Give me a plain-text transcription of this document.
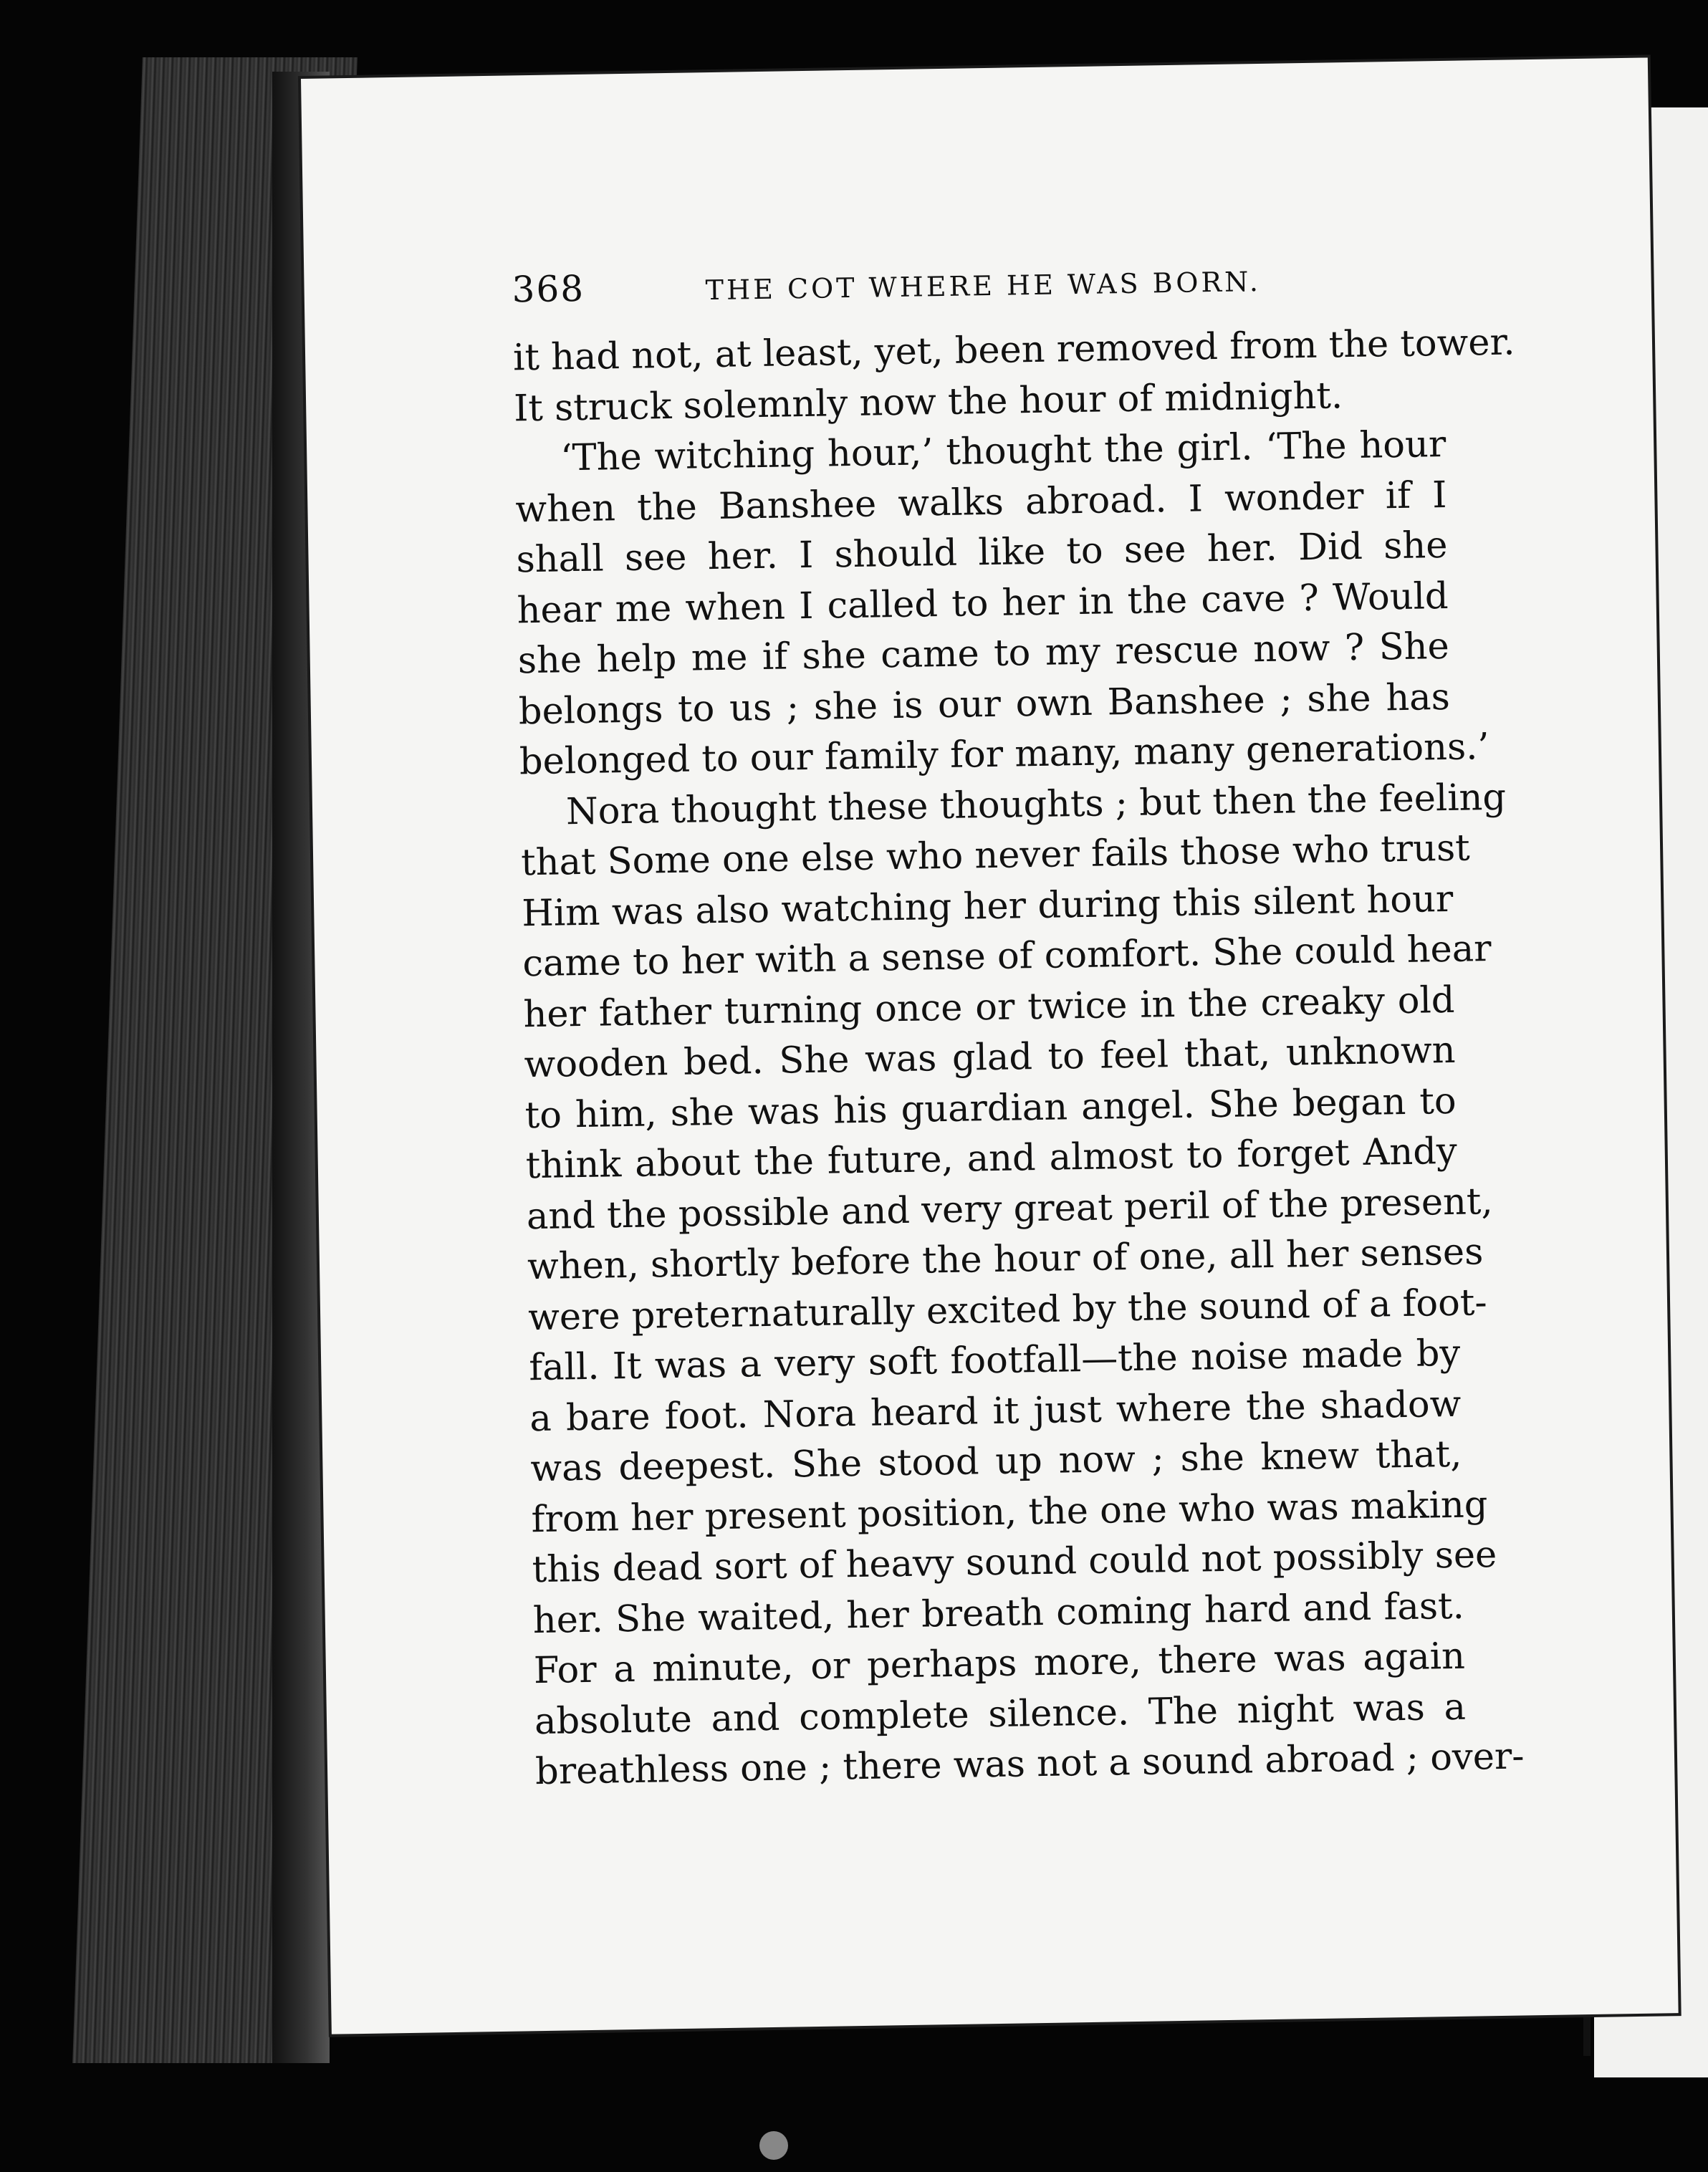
368	THE COT WHERE HE WAS BORN.
it had not, at least, yet, been removed from the tower.
It struck solemnly now the hour of midnight.
‘The witching hour,’ thought the girl. ‘The hour
when the Banshee walks abroad. I wonder if I
shall see her. I should like to see her. Did she
hear me when I called to her in the cave ? Would
she help me if she came to my rescue now ? She
belongs to us ; she is our own Banshee ; she has
belonged to our family for many, many generations.’
Nora thought these thoughts ; but then the feeling
that Some one else who never fails those who trust
Him was also watching her during this silent hour
came to her with a sense of comfort. She could hear
her father turning once or twice in the creaky old
wooden bed. She was glad to feel that, unknown
to him, she was his guardian angel. She began to
think about the future, and almost to forget Andy
and the possible and very great peril of the present,
when, shortly before the hour of one, all her senses
were preternaturally excited by the sound of a foot-
fall. It was a very soft footfall—the noise made by
a bare foot. Nora heard it just where the shadow
was deepest. She stood up now ; she knew that,
from her present position, the one who was making
this dead sort of heavy sound could not possibly see
her. She waited, her breath coming hard and fast.
For a minute, or perhaps more, there was again
absolute and complete silence. The night was a
breathless one ; there was not a sound abroad ; over-
